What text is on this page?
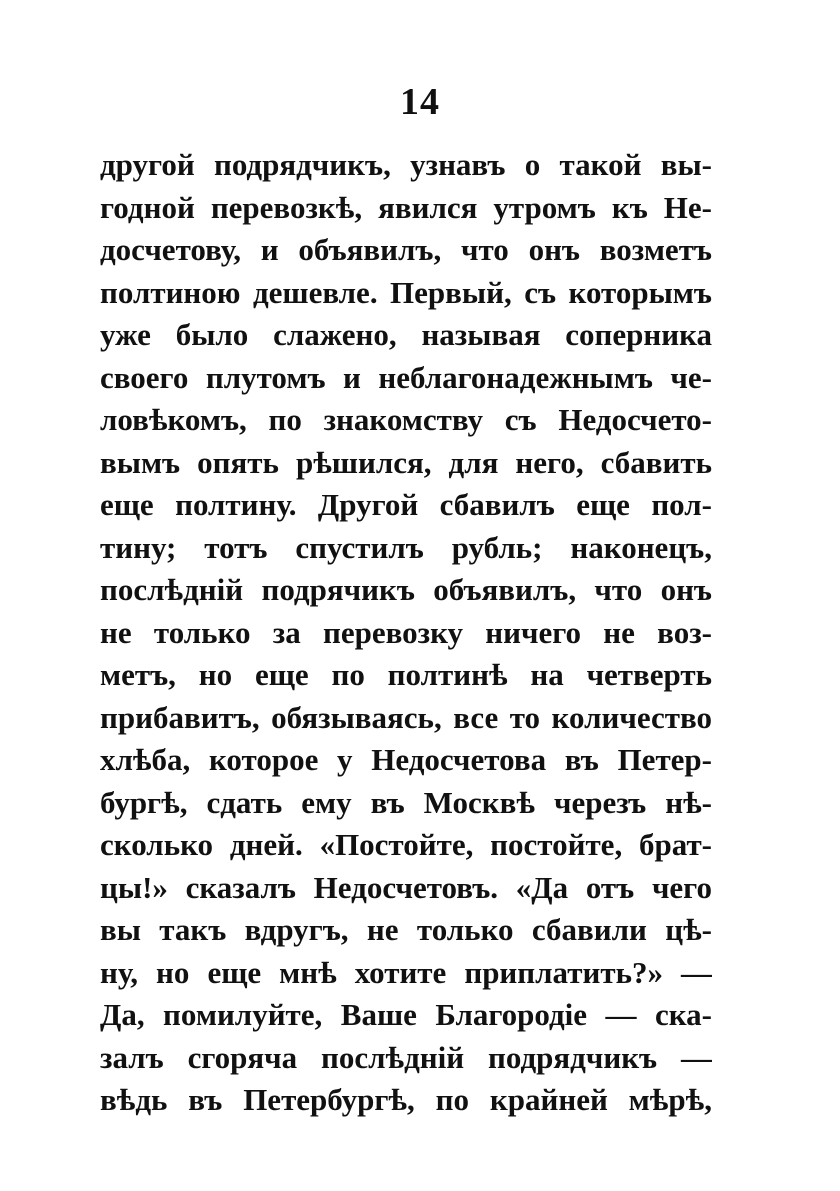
14
другой подрядчикъ, узнавъ о такой вы-
годной перевозкѣ, явился утромъ къ Не-
досчетову, и объявилъ, что онъ возметъ
полтиною дешевле. Первый, съ которымъ
уже было слажено, называя соперника
своего плутомъ и неблагонадежнымъ че-
ловѣкомъ, по знакомству съ Недосчето-
вымъ опять рѣшился, для него, сбавить
еще полтину. Другой сбавилъ еще пол-
тину; тотъ спустилъ рубль; наконецъ,
послѣдній подрячикъ объявилъ, что онъ
не только за перевозку ничего не воз-
метъ, но еще по полтинѣ на четверть
прибавитъ, обязываясь, все то количество
хлѣба, которое у Недосчетова въ Петер-
бургѣ, сдать ему въ Москвѣ черезъ нѣ-
сколько дней. «Постойте, постойте, брат-
цы!» сказалъ Недосчетовъ. «Да отъ чего
вы такъ вдругъ, не только сбавили цѣ-
ну, но еще мнѣ хотите приплатить?» —
Да, помилуйте, Ваше Благородіе — ска-
залъ сгоряча послѣдній подрядчикъ —
вѣдь въ Петербургѣ, по крайней мѣрѣ,
